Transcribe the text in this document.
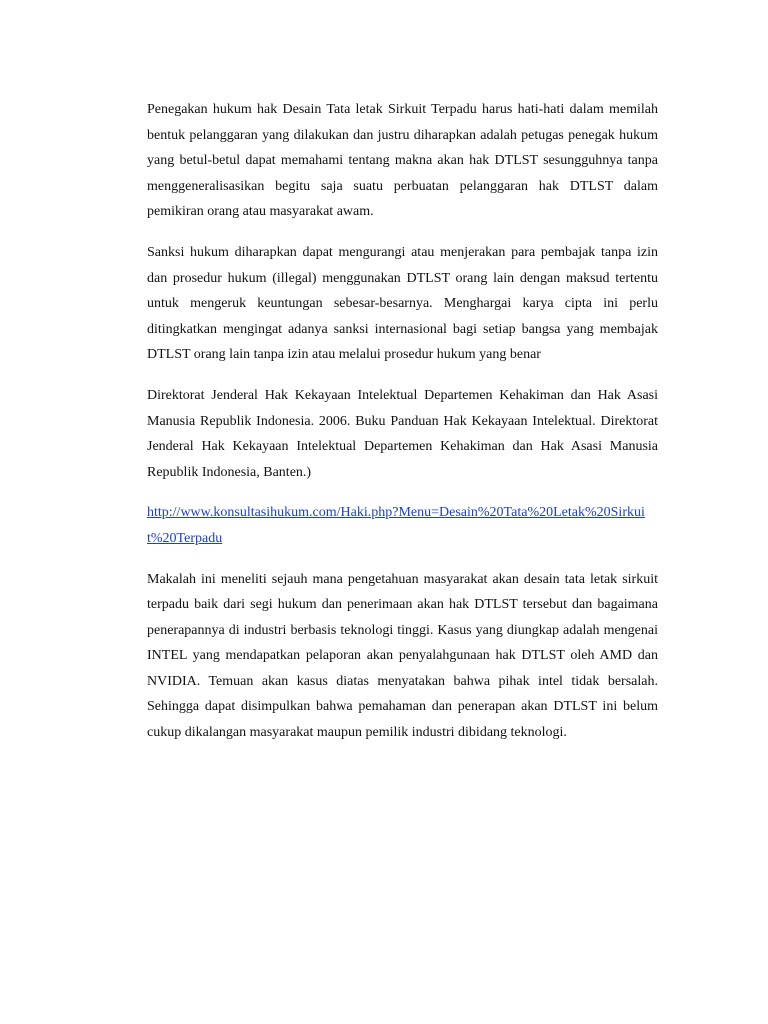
Penegakan hukum hak Desain Tata letak Sirkuit Terpadu harus hati-hati dalam memilah bentuk pelanggaran yang dilakukan dan justru diharapkan adalah petugas penegak hukum yang betul-betul dapat memahami tentang makna akan hak DTLST sesungguhnya tanpa menggeneralisasikan begitu saja suatu perbuatan pelanggaran hak DTLST dalam pemikiran orang atau masyarakat awam.

Sanksi hukum diharapkan dapat mengurangi atau menjerakan para pembajak tanpa izin dan prosedur hukum (illegal) menggunakan DTLST orang lain dengan maksud tertentu untuk mengeruk keuntungan sebesar-besarnya. Menghargai karya cipta ini perlu ditingkatkan mengingat adanya sanksi internasional bagi setiap bangsa yang membajak DTLST orang lain tanpa izin atau melalui prosedur hukum yang benar

Direktorat Jenderal Hak Kekayaan Intelektual Departemen Kehakiman dan Hak Asasi Manusia Republik Indonesia. 2006. Buku Panduan Hak Kekayaan Intelektual. Direktorat Jenderal Hak Kekayaan Intelektual Departemen Kehakiman dan Hak Asasi Manusia Republik Indonesia, Banten.)

http://www.konsultasihukum.com/Haki.php?Menu=Desain%20Tata%20Letak%20Sirkuit%20Terpadu

Makalah ini meneliti sejauh mana pengetahuan masyarakat akan desain tata letak sirkuit terpadu baik dari segi hukum dan penerimaan akan hak DTLST tersebut dan bagaimana penerapannya di industri berbasis teknologi tinggi. Kasus yang diungkap adalah mengenai INTEL yang mendapatkan pelaporan akan penyalahgunaan hak DTLST oleh AMD dan NVIDIA. Temuan akan kasus diatas menyatakan bahwa pihak intel tidak bersalah. Sehingga dapat disimpulkan bahwa pemahaman dan penerapan akan DTLST ini belum cukup dikalangan masyarakat maupun pemilik industri dibidang teknologi.
